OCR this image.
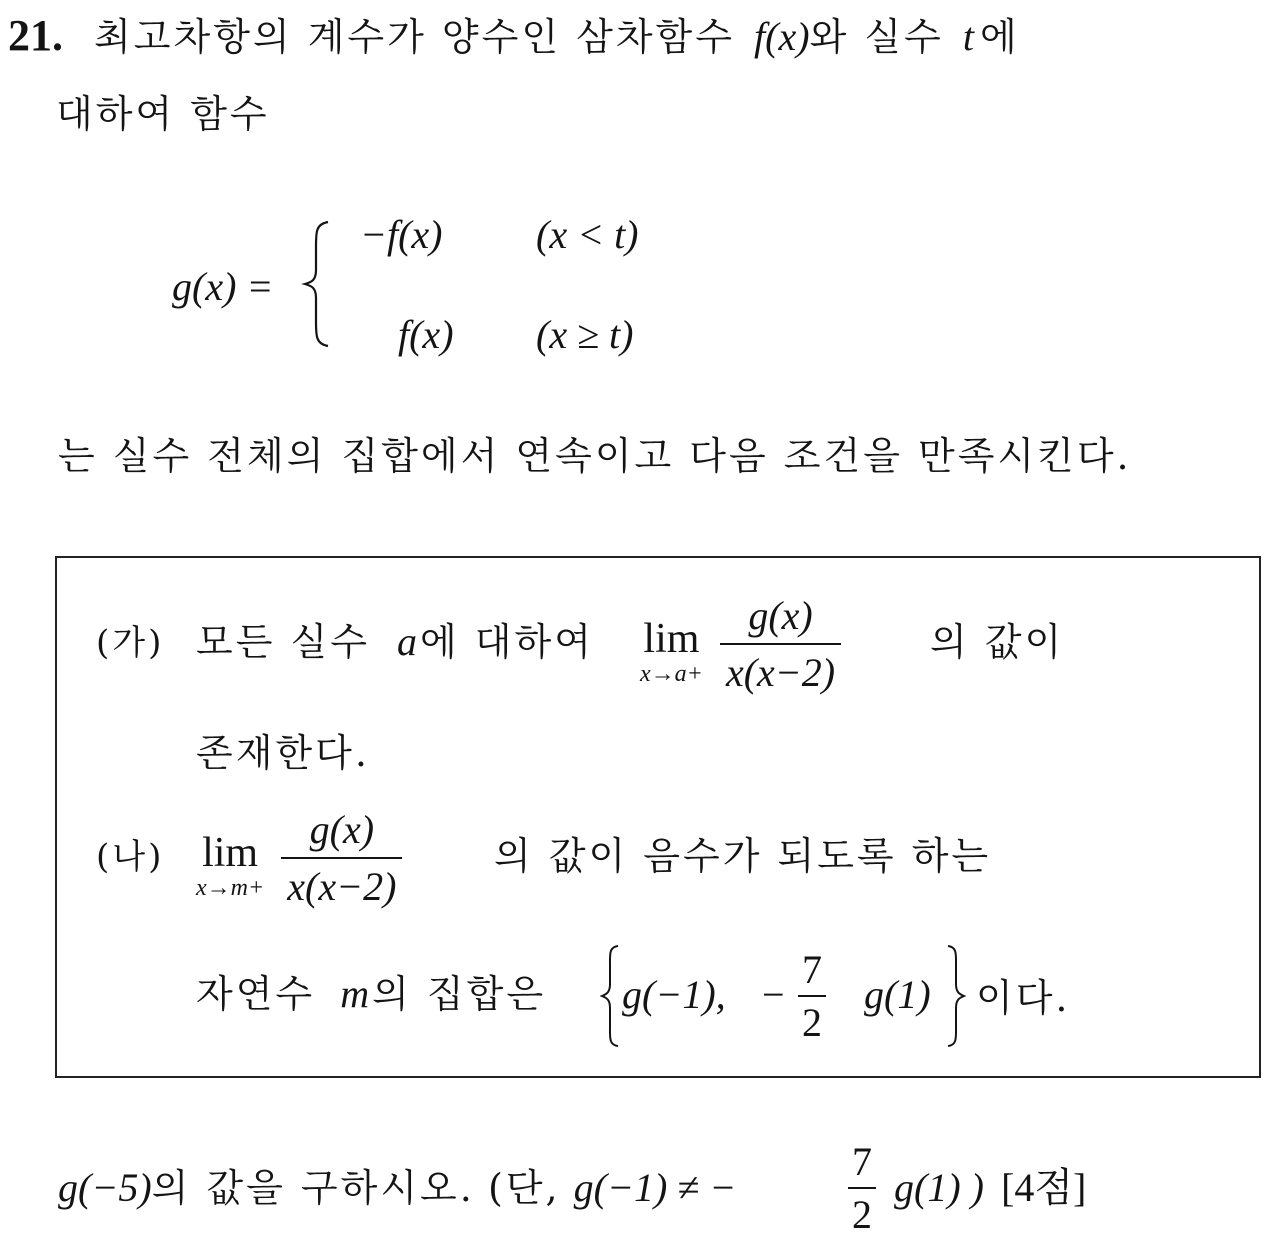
21. 최고차항의 계수가 양수인 삼차함수 f(x)와 실수 t 에
대하여 함수
g(x) =
−f(x) (x < t)
f(x) (x ≥ t)
는 실수 전체의 집합에서 연속이고 다음 조건을 만족시킨다.
(가) 모든 실수 a에 대하여 lim
x→a+
$\frac{g(x)}{x(x-2)}$ 의 값이
존재한다.
(나) lim
x→m+
$\frac{g(x)}{x(x-2)}$ 의 값이 음수가 되도록 하는
자연수 m의 집합은 g(−1), − $\frac{7}{2} g(1)$ 이다.
g(−5)의 값을 구하시오. (단, g(−1) ≠ −	$\frac{7}{2} g(1)$ ) [4점]
